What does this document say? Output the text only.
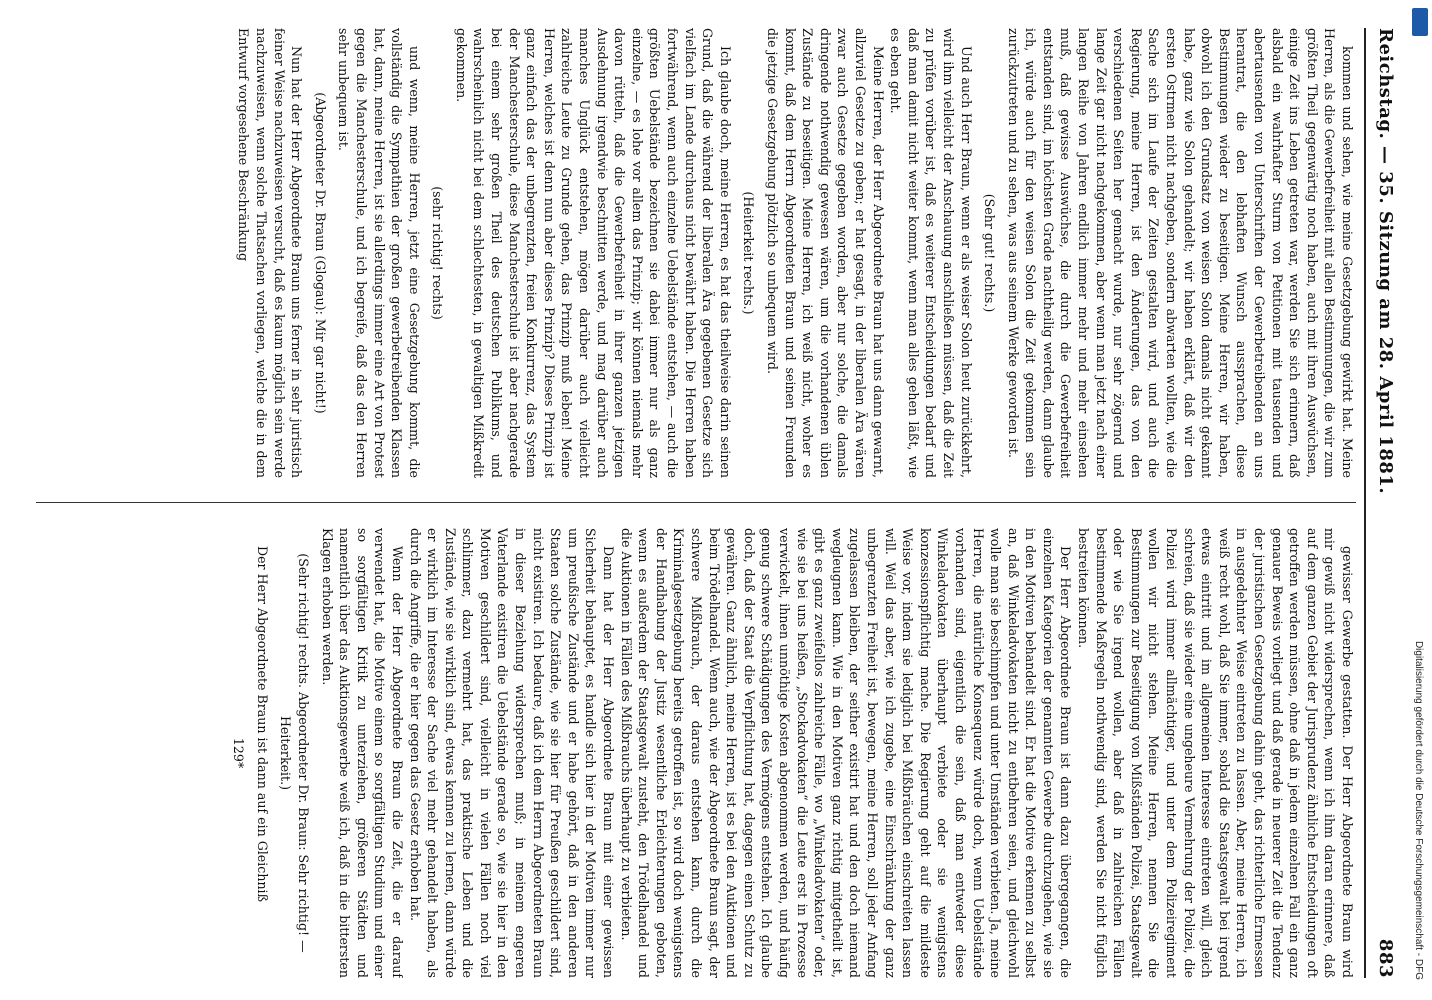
Reichstag. — 35. Sitzung am 28. April 1881.
883

kommen und sehen, wie meine Gesetzgebung gewirkt hat. Meine Herren, als die Gewerbefreiheit mit allen Bestimmungen, die wir zum größten Theil gegenwärtig noch haben, auch mit ihren Auswüchsen, einige Zeit ins Leben getreten war, werden Sie sich erinnern, daß alsbald ein wahrhafter Sturm von Petitionen mit tausenden und abertausenden von Unterschriften der Gewerbetreibenden an uns herantrat, die den lebhaften Wunsch aussprachen, diese Bestimmungen wieder zu beseitigen. Meine Herren, wir haben, obwohl ich den Grundsatz von weisen Solon damals nicht gekannt habe, ganz wie Solon gehandelt; wir haben erklärt, daß wir den ersten Ostrmen nicht nachgeben, sondern abwarten wollten, wie die Sache sich im Laufe der Zeiten gestalten wird, und auch die Regierung, meine Herren, ist den Änderungen, das von den verschiedenen Seiten her gemacht wurde, nur sehr zögernd und lange Zeit gar nicht nachgekommen, aber wenn man jetzt nach einer langen Reihe von Jahren endlich immer mehr und mehr einsehen muß, daß gewisse Auswüchse, die durch die Gewerbefreiheit entstanden sind, im höchsten Grade nachtheilig werden, dann glaube ich, würde auch für den weisen Solon die Zeit gekommen sein zurückzutreten und zu sehen, was aus seinem Werke geworden ist.

(Sehr gut! rechts.)

Und auch Herr Braun, wenn er als weiser Solon heut zurückkehrt, wird ihm vielleicht der Anschauung anschließen müssen, daß die Zeit zu prüfen vorüber ist, daß es weiterer Entscheidungen bedarf und daß man damit nicht weiter kommt, wenn man alles gehen läßt, wie es eben geht.

Meine Herren, der Herr Abgeordnete Braun hat uns dann gewarnt, allzuviel Gesetze zu geben; er hat gesagt, in der liberalen Ära wären zwar auch Gesetze gegeben worden, aber nur solche, die damals dringende nothwendig gewesen wären, um die vorhandenen üblen Zustände zu beseitigen. Meine Herren, ich weiß nicht, woher es kommt, daß dem Herrn Abgeordneten Braun und seinen Freunden die jetzige Gesetzgebung plötzlich so unbequem wird.

(Heiterkeit rechts.)

Ich glaube doch, meine Herren, es hat das theilweise darin seinen Grund, daß die während der liberalen Ära gegebenen Gesetze sich vielfach im Lande durchaus nicht bewährt haben. Die Herren haben fortwährend, wenn auch einzelne Uebelstände entstehen, — auch die größten Uebelstände bezeichnen sie dabei immer nur als ganz einzelne, — es lohe vor allem das Prinzip; wir können niemals mehr davon rütteln, daß die Gewerbefreiheit in ihrer ganzen jetzigen Ausdehnung irgendwie beschnitten werde, und mag darüber auch manches Unglück entstehen, mögen darüber auch vielleicht zahlreiche Leute zu Grunde gehen, das Prinzip muß leben! Meine Herren, welches ist denn nun aber dieses Prinzip? Dieses Prinzip ist ganz einfach das der unbegrenzten, freien Konkurrenz, das System der Manchesterschule, diese Manchesterschule ist aber nachgerade bei einem sehr großen Theil des deutschen Publikums, und wahrscheinlich nicht bei dem schlechtesten, in gewaltigen Mißkredit gekommen.

(sehr richtig! rechts)

und wenn, meine Herren, jetzt eine Gesetzgebung kommt, die vollständig die Sympathien der großen gewerbetreibenden Klassen hat, dann, meine Herren, ist sie allerdings immer eine Art von Protest gegen die Manchesterschule, und ich begreife, daß das den Herren sehr unbequem ist.

(Abgeordneter Dr. Braun (Glogau): Mir gar nicht!)

Nun hat der Herr Abgeordnete Braun uns ferner in sehr juristisch feiner Weise nachzuweisen versucht, daß es kaum möglich sein werde nachzuweisen, wenn solche Thatsachen vorliegen, welche die in dem Entwurf vorgesehene Beschränkung

gewisser Gewerbe gestatten. Der Herr Abgeordnete Braun wird mir gewiß nicht widersprechen, wenn ich ihm daran erinnere, daß auf dem ganzen Gebiet der Jurisprudenz ähnliche Entscheidungen oft getroffen werden müssen, ohne daß in jedem einzelnen Fall ein ganz genauer Beweis vorliegt und daß gerade in neuerer Zeit die Tendenz der juristischen Gesetzgebung dahin geht, das richterliche Ermessen in ausgedehnter Weise eintreten zu lassen. Aber, meine Herren, ich weiß recht wohl, daß Sie immer, sobald die Staatsgewalt bei irgend etwas eintritt und im allgemeinen Interesse eintreten will, gleich schreien, daß sie wieder eine ungeheure Vermehrung der Polizei, die Polizei wird immer allmächtiger, und unter dem Polizeiregiment wollen wir nicht stehen. Meine Herren, nennen Sie die Bestimmungen zur Beseitigung von Mißständen Polizei, Staatsgewalt oder wie Sie irgend wollen, aber daß in zahlreichen Fällen bestimmende Maßregeln nothwendig sind, werden Sie nicht füglich bestreiten können.

Der Herr Abgeordnete Braun ist dann dazu übergegangen, die einzelnen Kategorien der genannten Gewerbe durchzugehen, wie sie in den Motiven behandelt sind. Er hat die Motive erkennen zu selbst an, daß Winkeladvokaten nicht zu entbehren seien, und gleichwohl wolle man sie beschimpfen und unter Umständen verbieten. Ja, meine Herren, die natürliche Konsequenz würde doch, wenn Uebelstände vorhanden sind, eigentlich die sein, daß man entweder diese Winkeladvokaten überhaupt verbiete oder sie wenigstens konzessionspflichtig mache. Die Regierung geht auf die mildeste Weise vor, indem sie lediglich bei Mißbräuchen einschreiten lassen will. Weil das aber, wie ich zugebe, eine Einschränkung der ganz unbegrenzten Freiheit ist, bewegen, meine Herren, soll jeder Anfang zugelassen bleiben, der seither existirt hat und den doch niemand wegleugnen kann. Wie in den Motiven ganz richtig mitgetheilt ist, gibt es ganz zweifellos zahlreiche Fälle, wo „Winkeladvokaten“ oder, wie sie bei uns heißen, „Stockadvokaten“ die Leute erst in Prozesse verwickelt, ihnen unnöthige Kosten abgenommen werden, und häufig genug schwere Schädigungen des Vermögens entstehen. Ich glaube doch, daß der Staat die Verpflichtung hat, dagegen einen Schutz zu gewähren. Ganz ähnlich, meine Herren, ist es bei den Auktionen und beim Trödelhandel. Wenn auch, wie der Abgeordnete Braun sagt, der schwere Mißbrauch, der daraus entstehen kann, durch die Kriminalgesetzgebung bereits getroffen ist, so wird doch wenigstens der Handhabung der Justiz wesentliche Erleichterungen geboten, wenn es außerdem der Staatsgewalt zusteht, den Trödelhandel und die Auktionen in Fällen des Mißbrauchs überhaupt zu verbieten.

Dann hat der Herr Abgeordnete Braun mit einer gewissen Sicherheit behauptet, es handle sich hier in der Motiven immer nur um preußische Zustände und er habe gehört, daß in den anderen Staaten solche Zustände, wie sie hier für Preußen geschildert sind, nicht existiren. Ich bedaure, daß ich dem Herrn Abgeordneten Braun in dieser Beziehung widersprechen muß; in meinem engeren Vaterlande existiren die Uebelstände gerade so, wie sie hier in den Motiven geschildert sind, vielleicht in vielen Fällen noch viel schlimmer, dazu vermehrt hat, das praktische Leben und die Zustände, wie sie wirklich sind, etwas kennen zu lernen, dann würde er wirklich im Interesse der Sache viel mehr gehandelt haben, als durch die Angriffe, die er hier gegen das Gesetz erhoben hat.

Wenn der Herr Abgeordnete Braun die Zeit, die er darauf verwendet hat, die Motive einem so sorgfältigen Studium und einer so sorgfältigen Kritik zu unterziehen, größeren Städten und namentlich über das Auktionsgewerbe weiß ich, daß in die bittersten Klagen erhoben werden.

(Sehr richtig! rechts. Abgeordneter Dr. Braun: Sehr richtig! — Heiterkeit.)

Der Herr Abgeordnete Braun ist dann auf ein Gleichniß

129*	Digitalisierung gefördert durch die Deutsche Forschungsgemeinschaft - DFG
